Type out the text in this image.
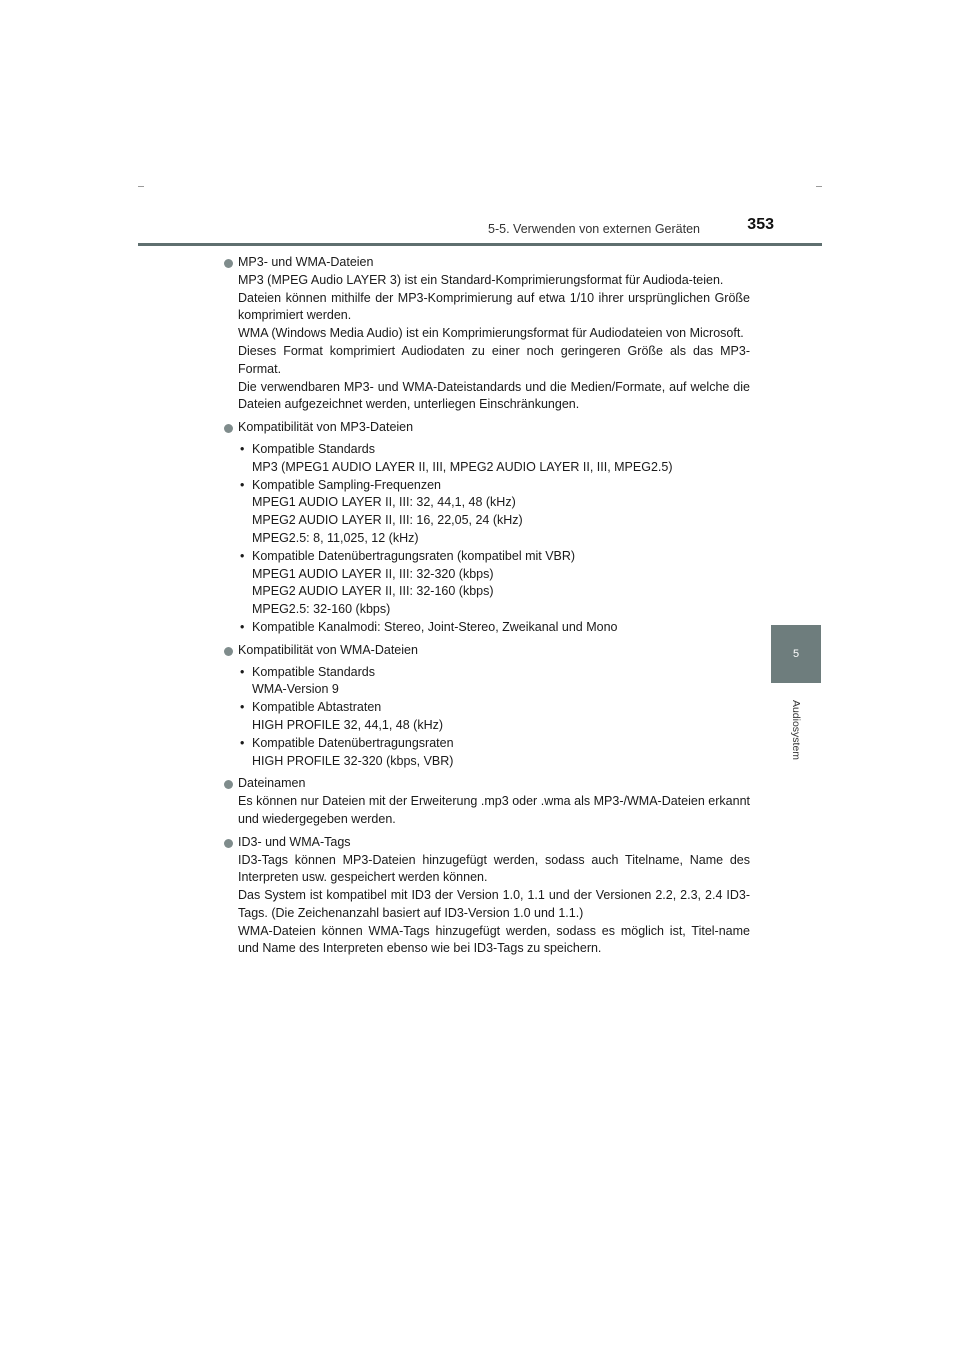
5-5. Verwenden von externen Geräten	353
5
Audiosystem

MP3- und WMA-Dateien

MP3 (MPEG Audio LAYER 3) ist ein Standard-Komprimierungsformat für Audioda-teien.

Dateien können mithilfe der MP3-Komprimierung auf etwa 1/10 ihrer ursprünglichen Größe komprimiert werden.

WMA (Windows Media Audio) ist ein Komprimierungsformat für Audiodateien von Microsoft.

Dieses Format komprimiert Audiodaten zu einer noch geringeren Größe als das MP3-Format.

Die verwendbaren MP3- und WMA-Dateistandards und die Medien/Formate, auf welche die Dateien aufgezeichnet werden, unterliegen Einschränkungen.

Kompatibilität von MP3-Dateien

• Kompatible Standards

MP3 (MPEG1 AUDIO LAYER II, III, MPEG2 AUDIO LAYER II, III, MPEG2.5)

• Kompatible Sampling-Frequenzen

MPEG1 AUDIO LAYER II, III: 32, 44,1, 48 (kHz)

MPEG2 AUDIO LAYER II, III: 16, 22,05, 24 (kHz)

MPEG2.5: 8, 11,025, 12 (kHz)

• Kompatible Datenübertragungsraten (kompatibel mit VBR)

MPEG1 AUDIO LAYER II, III: 32-320 (kbps)

MPEG2 AUDIO LAYER II, III: 32-160 (kbps)

MPEG2.5: 32-160 (kbps)

• Kompatible Kanalmodi: Stereo, Joint-Stereo, Zweikanal und Mono

Kompatibilität von WMA-Dateien

• Kompatible Standards

WMA-Version 9

• Kompatible Abtastraten

HIGH PROFILE 32, 44,1, 48 (kHz)

• Kompatible Datenübertragungsraten

HIGH PROFILE 32-320 (kbps, VBR)

Dateinamen

Es können nur Dateien mit der Erweiterung .mp3 oder .wma als MP3-/WMA-Dateien erkannt und wiedergegeben werden.

ID3- und WMA-Tags

ID3-Tags können MP3-Dateien hinzugefügt werden, sodass auch Titelname, Name des Interpreten usw. gespeichert werden können.

Das System ist kompatibel mit ID3 der Version 1.0, 1.1 und der Versionen 2.2, 2.3, 2.4 ID3-Tags. (Die Zeichenanzahl basiert auf ID3-Version 1.0 und 1.1.)

WMA-Dateien können WMA-Tags hinzugefügt werden, sodass es möglich ist, Titel-name und Name des Interpreten ebenso wie bei ID3-Tags zu speichern.
